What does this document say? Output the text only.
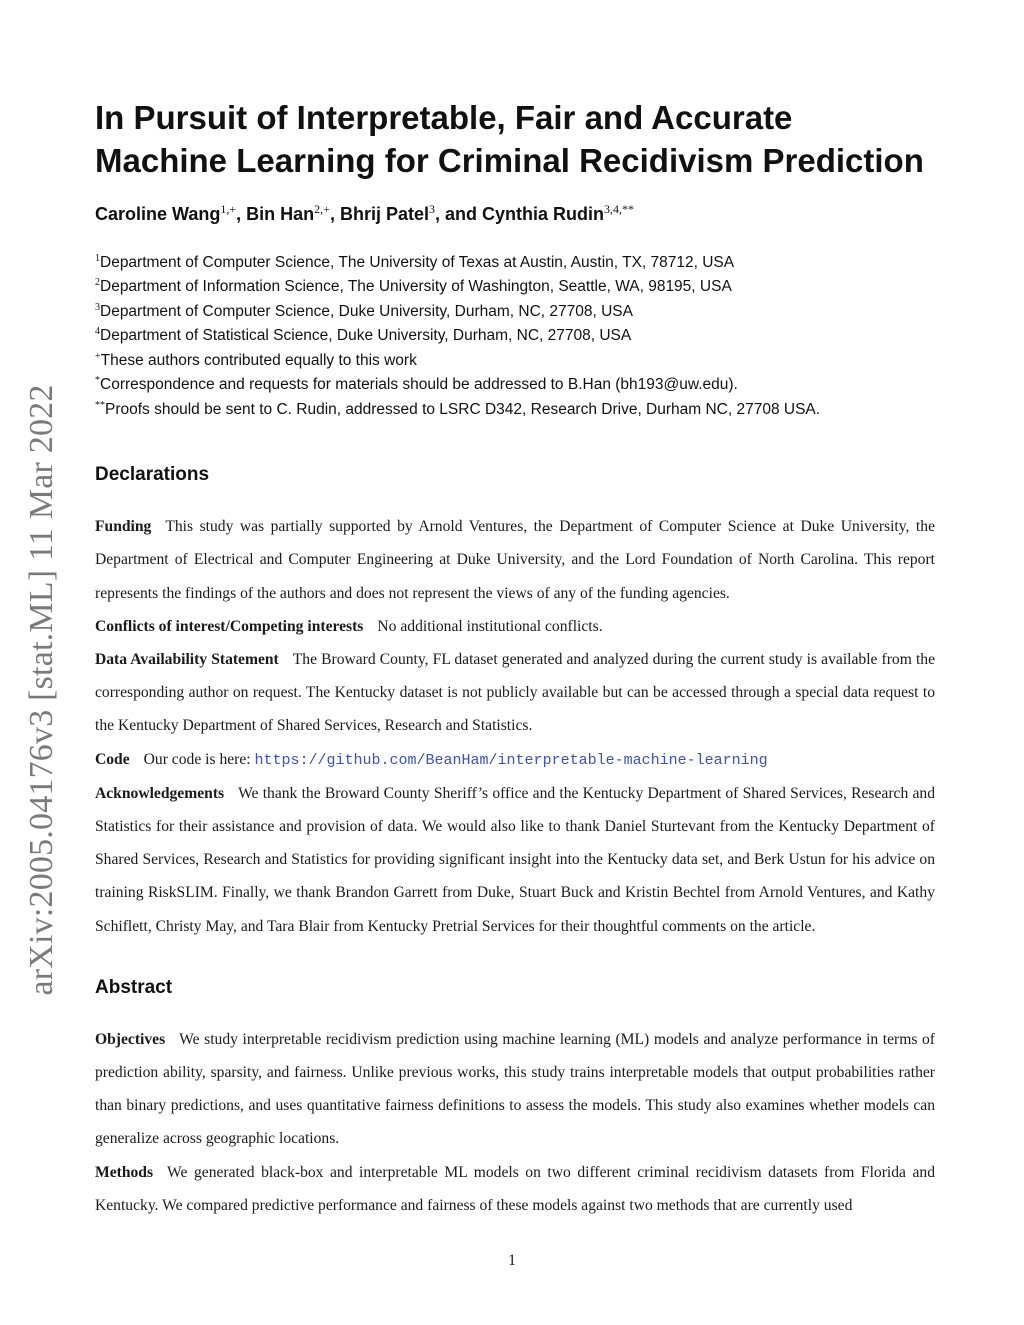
arXiv:2005.04176v3 [stat.ML] 11 Mar 2022
In Pursuit of Interpretable, Fair and Accurate
Machine Learning for Criminal Recidivism Prediction
Caroline Wang$^{1,+}$, Bin Han$^{2,+}$, Bhrij Patel$^3$, and Cynthia Rudin$^{3,4,**}$
$^1$Department of Computer Science, The University of Texas at Austin, Austin, TX, 78712, USA
$^2$Department of Information Science, The University of Washington, Seattle, WA, 98195, USA
$^3$Department of Computer Science, Duke University, Durham, NC, 27708, USA
$^4$Department of Statistical Science, Duke University, Durham, NC, 27708, USA
+These authors contributed equally to this work
*Correspondence and requests for materials should be addressed to B.Han (bh193@uw.edu).
**Proofs should be sent to C. Rudin, addressed to LSRC D342, Research Drive, Durham NC, 27708 USA.
Declarations
Funding This study was partially supported by Arnold Ventures, the Department of Computer Science at Duke University, the Department of Electrical and Computer Engineering at Duke University, and the Lord Foundation of North Carolina. This report represents the findings of the authors and does not represent the views of any of the funding agencies.
Conflicts of interest/Competing interests No additional institutional conflicts.
Data Availability Statement The Broward County, FL dataset generated and analyzed during the current study is available from the corresponding author on request. The Kentucky dataset is not publicly available but can be accessed through a special data request to the Kentucky Department of Shared Services, Research and Statistics.
Code Our code is here: https://github.com/BeanHam/interpretable-machine-learning
Acknowledgements We thank the Broward County Sheriff’s office and the Kentucky Department of Shared Services, Research and Statistics for their assistance and provision of data. We would also like to thank Daniel Sturtevant from the Kentucky Department of Shared Services, Research and Statistics for providing significant insight into the Kentucky data set, and Berk Ustun for his advice on training RiskSLIM. Finally, we thank Brandon Garrett from Duke, Stuart Buck and Kristin Bechtel from Arnold Ventures, and Kathy Schiflett, Christy May, and Tara Blair from Kentucky Pretrial Services for their thoughtful comments on the article.
Abstract
Objectives We study interpretable recidivism prediction using machine learning (ML) models and analyze performance in terms of prediction ability, sparsity, and fairness. Unlike previous works, this study trains interpretable models that output probabilities rather than binary predictions, and uses quantitative fairness definitions to assess the models. This study also examines whether models can generalize across geographic locations.
Methods We generated black-box and interpretable ML models on two different criminal recidivism datasets from Florida and Kentucky. We compared predictive performance and fairness of these models against two methods that are currently used
1
